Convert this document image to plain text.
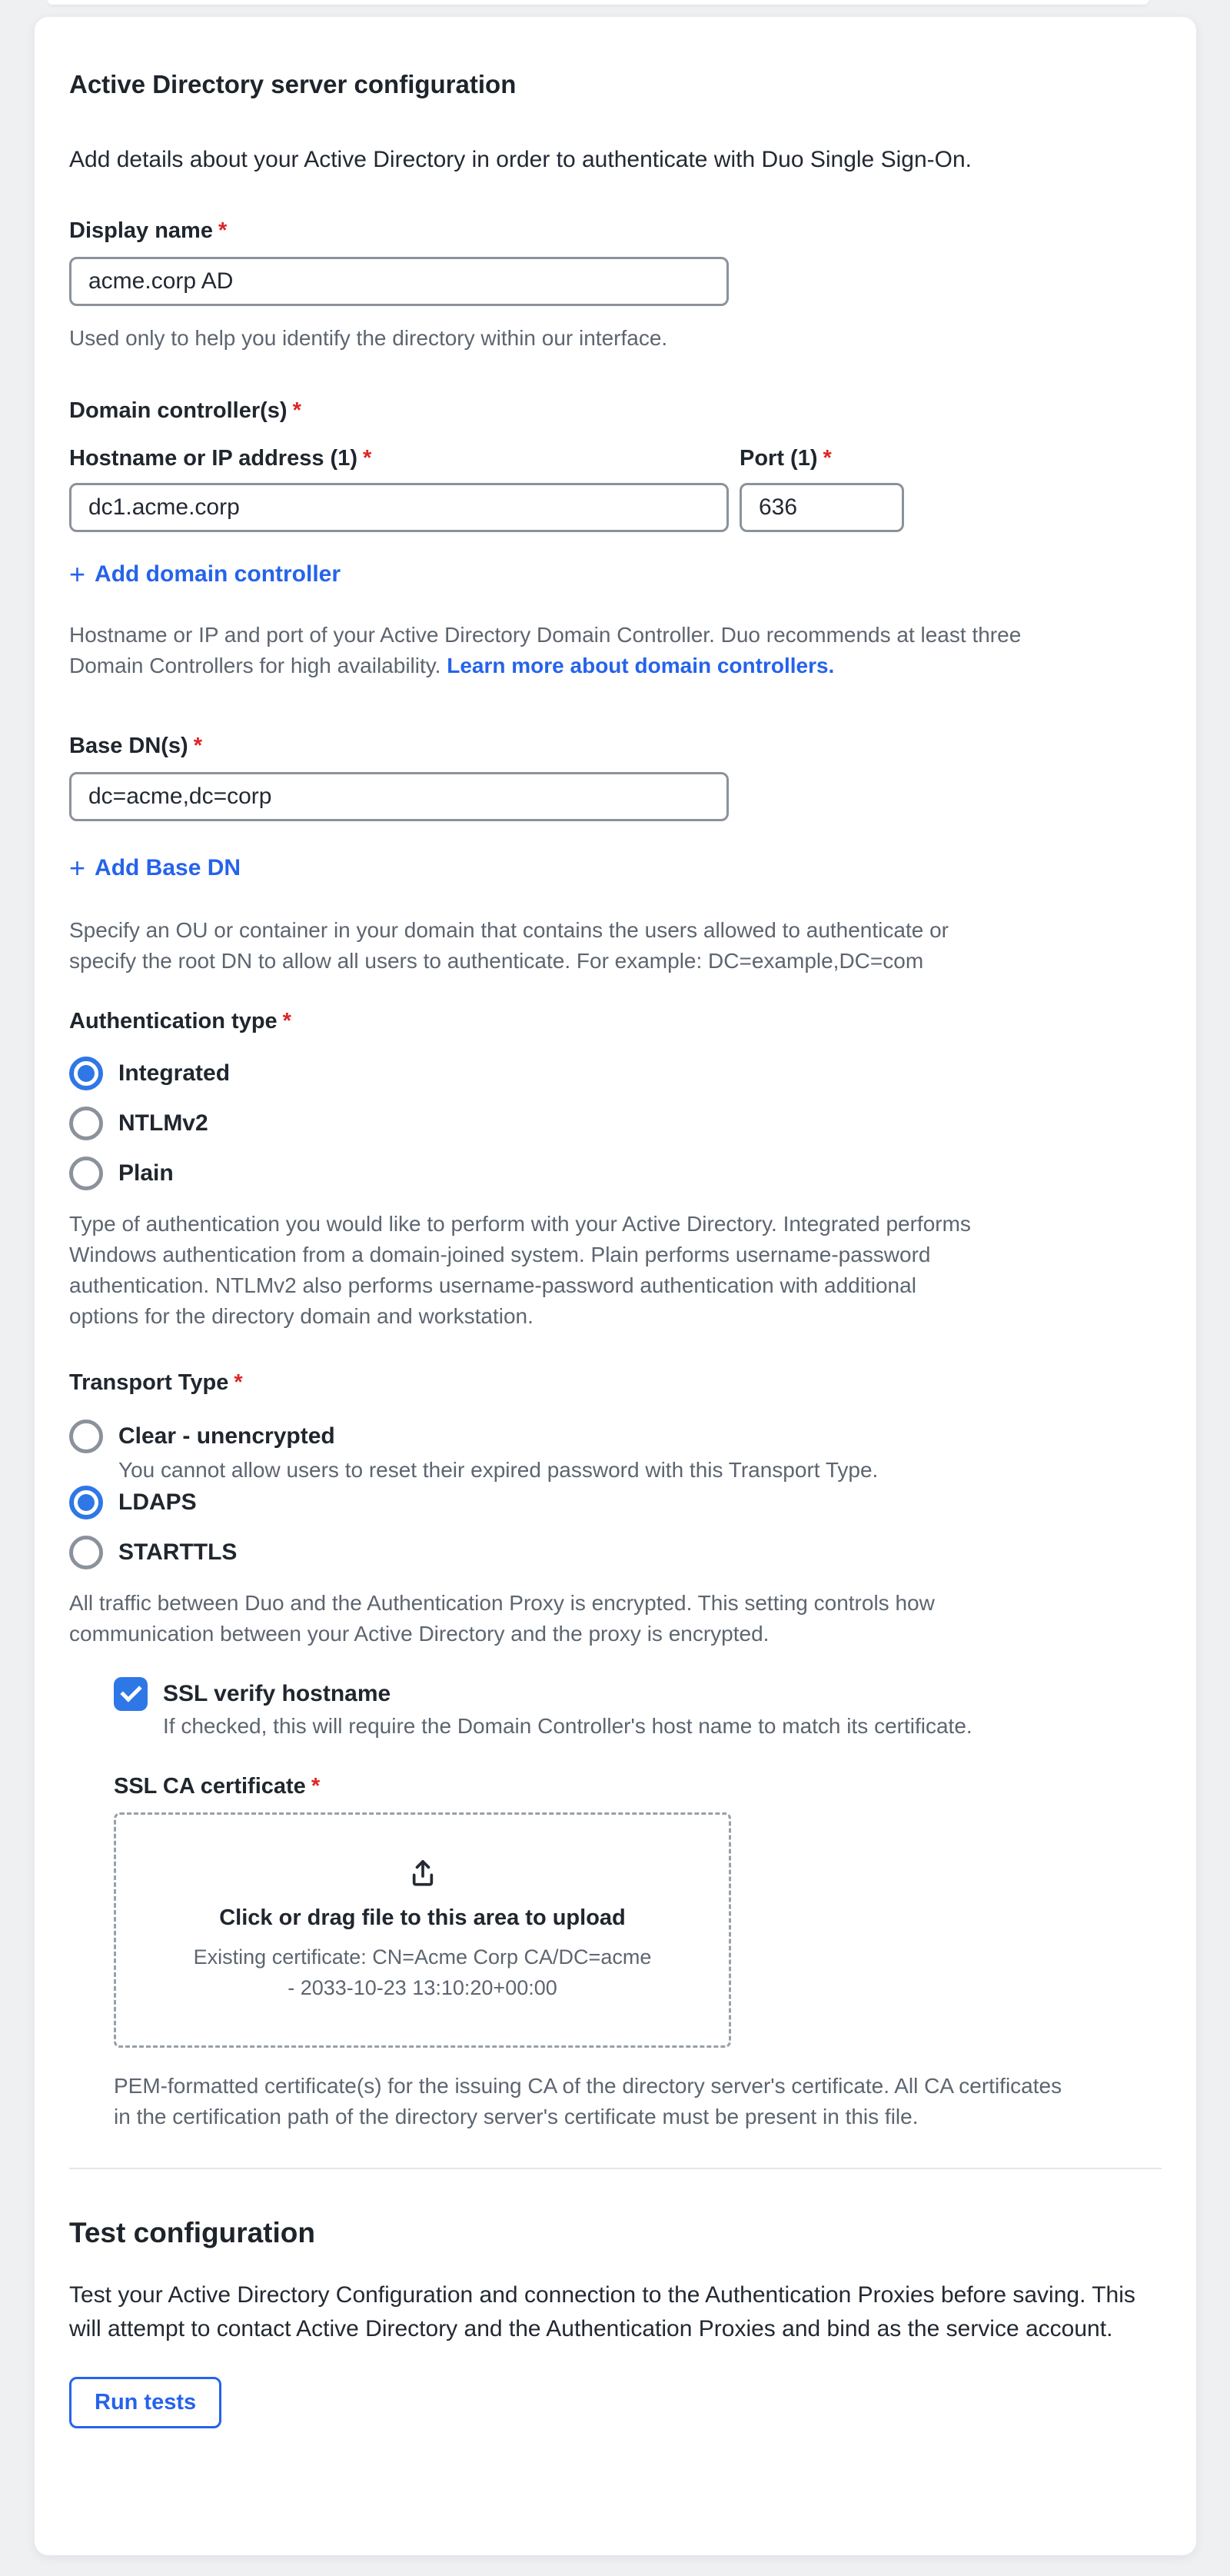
Active Directory server configuration

Add details about your Active Directory in order to authenticate with Duo Single Sign-On.

Display name *
acme.corp AD

Used only to help you identify the directory within our interface.

Domain controller(s) *
Hostname or IP address (1) *
dc1.acme.corp	Port (1) *
636
+ Add domain controller

Hostname or IP and port of your Active Directory Domain Controller. Duo recommends at least three Domain Controllers for high availability. Learn more about domain controllers.

Base DN(s) *
dc=acme,dc=corp
+ Add Base DN

Specify an OU or container in your domain that contains the users allowed to authenticate or specify the root DN to allow all users to authenticate. For example: DC=example,DC=com

Authentication type *
Integrated
NTLMv2
Plain

Type of authentication you would like to perform with your Active Directory. Integrated performs Windows authentication from a domain-joined system. Plain performs username-password authentication. NTLMv2 also performs username-password authentication with additional options for the directory domain and workstation.

Transport Type *
Clear - unencrypted

You cannot allow users to reset their expired password with this Transport Type.

LDAPS
STARTTLS

All traffic between Duo and the Authentication Proxy is encrypted. This setting controls how communication between your Active Directory and the proxy is encrypted.

SSL verify hostname

If checked, this will require the Domain Controller's host name to match its certificate.

SSL CA certificate *
Click or drag file to this area to upload
Existing certificate: CN=Acme Corp CA/DC=acme - 2033-10-23 13:10:20+00:00

PEM-formatted certificate(s) for the issuing CA of the directory server's certificate. All CA certificates in the certification path of the directory server's certificate must be present in this file.

Test configuration

Test your Active Directory Configuration and connection to the Authentication Proxies before saving. This will attempt to contact Active Directory and the Authentication Proxies and bind as the service account.

Run tests
